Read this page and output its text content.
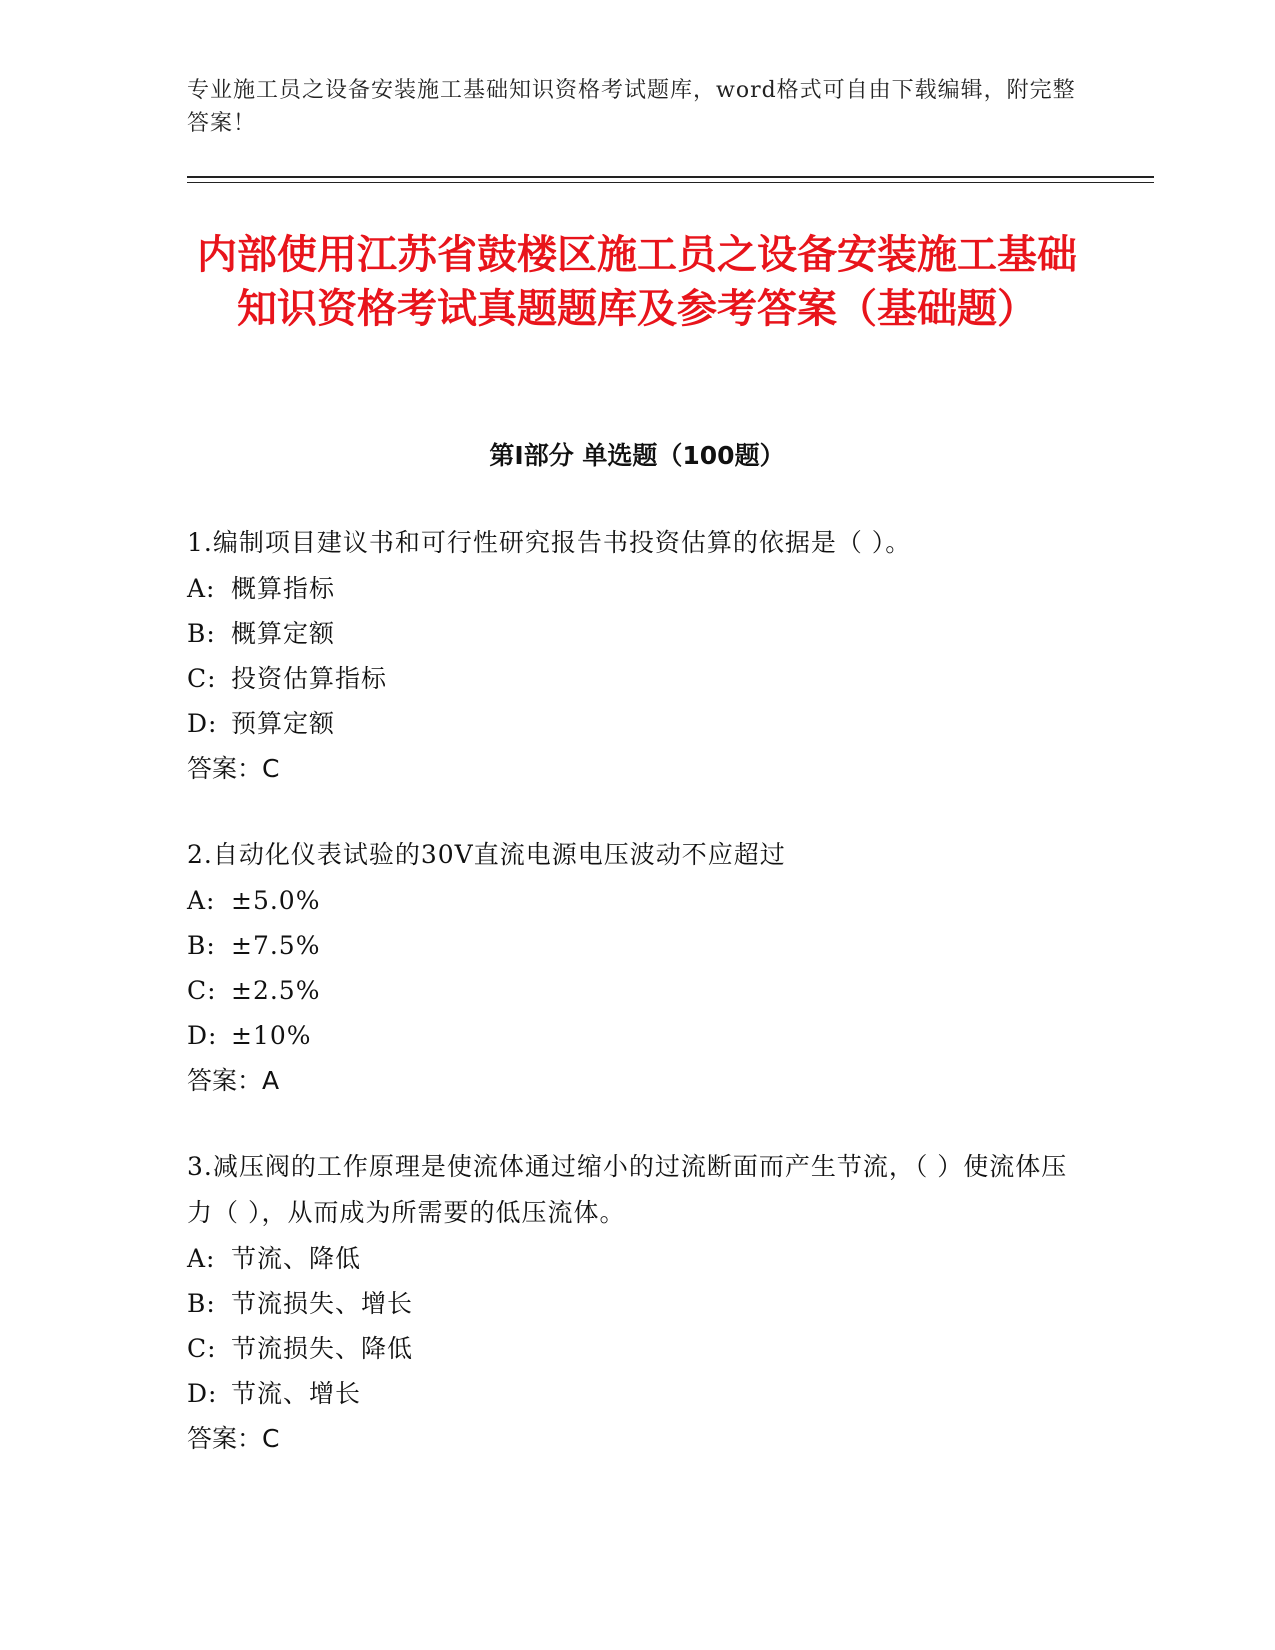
专业施工员之设备安装施工基础知识资格考试题库，word格式可自由下载编辑，附完整答案！
内部使用江苏省鼓楼区施工员之设备安装施工基础知识资格考试真题题库及参考答案（基础题）
第I部分 单选题（100题）
1.编制项目建议书和可行性研究报告书投资估算的依据是（ ）。
A: 概算指标
B: 概算定额
C: 投资估算指标
D: 预算定额
答案：C
2.自动化仪表试验的30V直流电源电压波动不应超过
A: ±5.0%
B: ±7.5%
C: ±2.5%
D: ±10%
答案：A
3.减压阀的工作原理是使流体通过缩小的过流断面而产生节流，（ ）使流体压力（ ），从而成为所需要的低压流体。
A: 节流、降低
B: 节流损失、增长
C: 节流损失、降低
D: 节流、增长
答案：C
